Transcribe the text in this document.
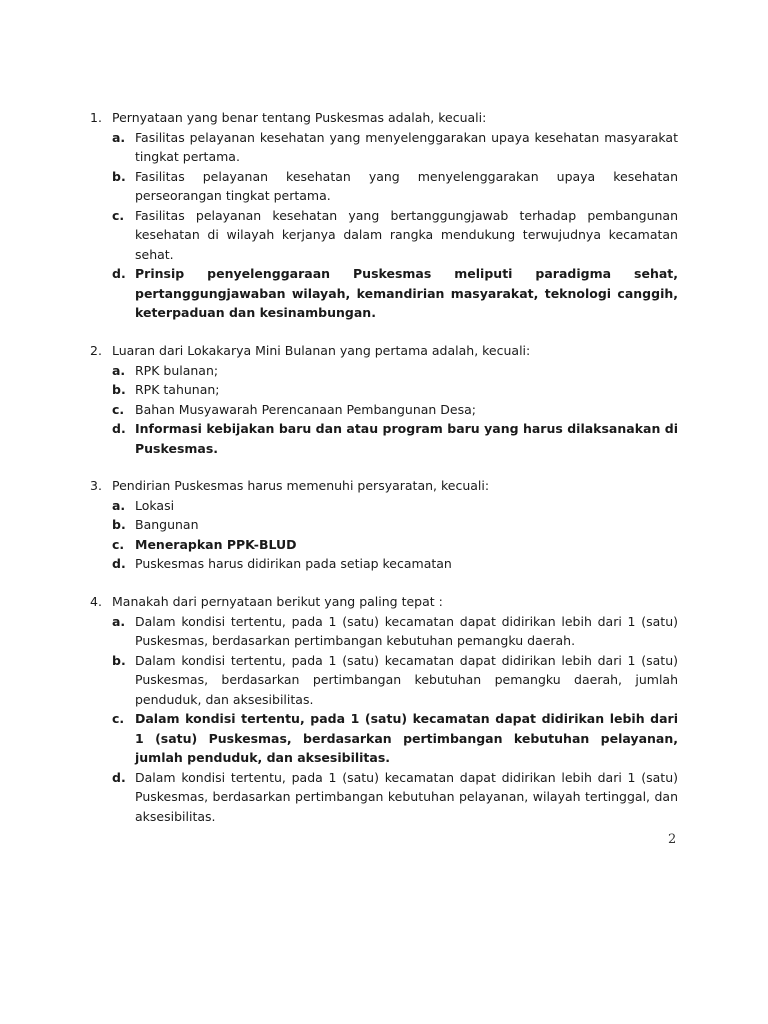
1. Pernyataan yang benar tentang Puskesmas adalah, kecuali:
a. Fasilitas pelayanan kesehatan yang menyelenggarakan upaya kesehatan masyarakat tingkat pertama.
b. Fasilitas pelayanan kesehatan yang menyelenggarakan upaya kesehatan perseorangan tingkat pertama.
c. Fasilitas pelayanan kesehatan yang bertanggungjawab terhadap pembangunan kesehatan di wilayah kerjanya dalam rangka mendukung terwujudnya kecamatan sehat.
d. Prinsip penyelenggaraan Puskesmas meliputi paradigma sehat, pertanggungjawaban wilayah, kemandirian masyarakat, teknologi canggih, keterpaduan dan kesinambungan.
2. Luaran dari Lokakarya Mini Bulanan yang pertama adalah, kecuali:
a. RPK bulanan;
b. RPK tahunan;
c. Bahan Musyawarah Perencanaan Pembangunan Desa;
d. Informasi kebijakan baru dan atau program baru yang harus dilaksanakan di Puskesmas.
3. Pendirian Puskesmas harus memenuhi persyaratan, kecuali:
a. Lokasi
b. Bangunan
c. Menerapkan PPK-BLUD
d. Puskesmas harus didirikan pada setiap kecamatan
4. Manakah dari pernyataan berikut yang paling tepat :
a. Dalam kondisi tertentu, pada 1 (satu) kecamatan dapat didirikan lebih dari 1 (satu) Puskesmas, berdasarkan pertimbangan kebutuhan pemangku daerah.
b. Dalam kondisi tertentu, pada 1 (satu) kecamatan dapat didirikan lebih dari 1 (satu) Puskesmas, berdasarkan pertimbangan kebutuhan pemangku daerah, jumlah penduduk, dan aksesibilitas.
c. Dalam kondisi tertentu, pada 1 (satu) kecamatan dapat didirikan lebih dari 1 (satu) Puskesmas, berdasarkan pertimbangan kebutuhan pelayanan, jumlah penduduk, dan aksesibilitas.
d. Dalam kondisi tertentu, pada 1 (satu) kecamatan dapat didirikan lebih dari 1 (satu) Puskesmas, berdasarkan pertimbangan kebutuhan pelayanan, wilayah tertinggal, dan aksesibilitas.
2
